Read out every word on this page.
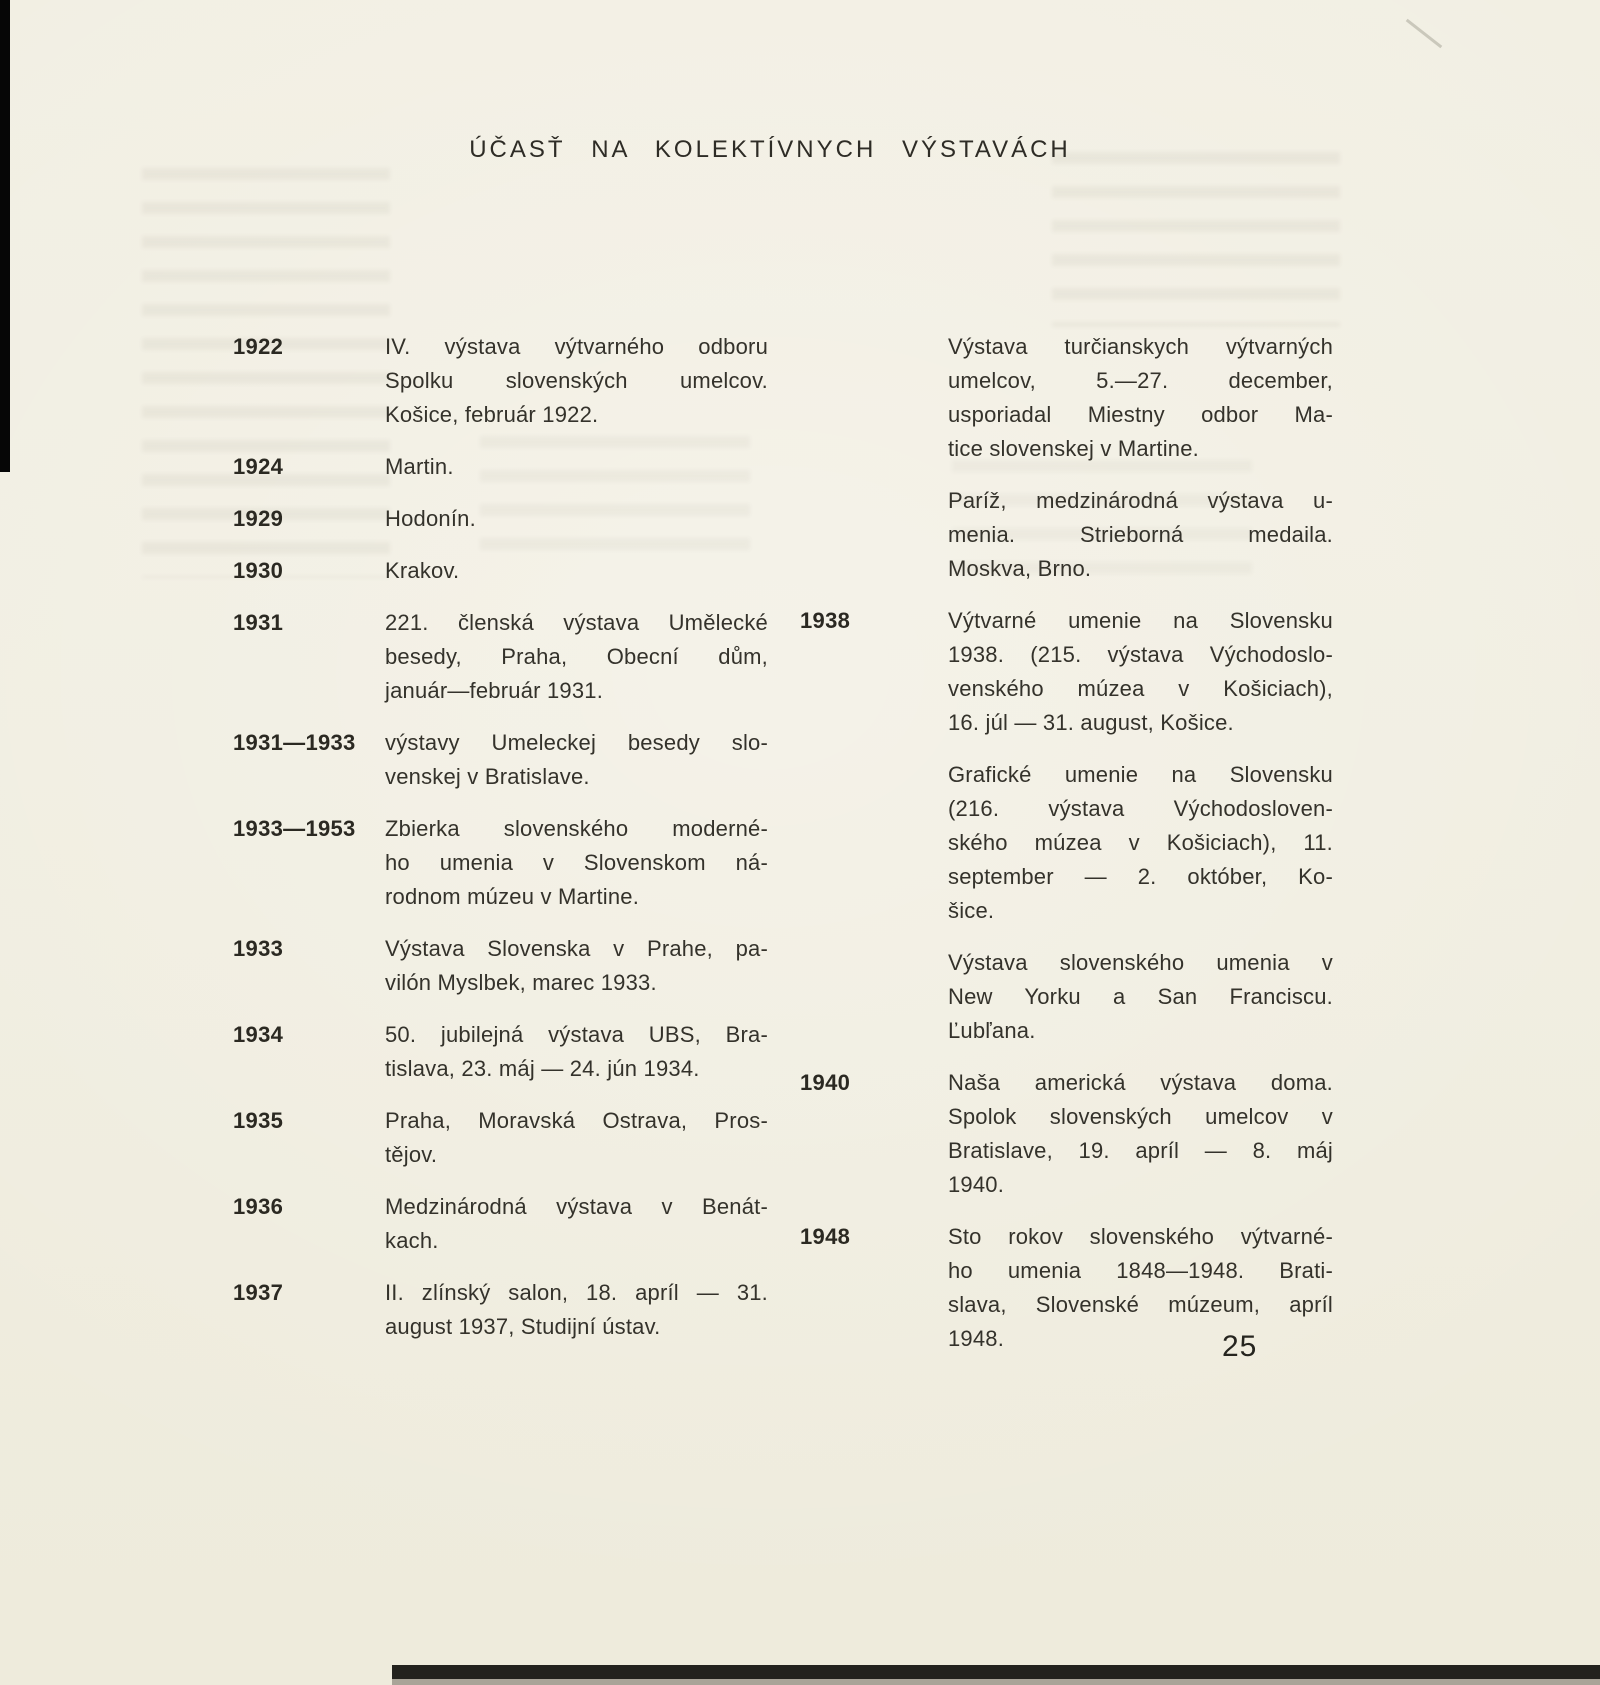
ÚČASŤ NA KOLEKTÍVNYCH VÝSTAVÁCH
1922	IV. výstava výtvarného odboru
Spolku slovenských umelcov.
Košice, február 1922.
1924	Martin.
1929	Hodonín.
1930	Krakov.
1931	221. členská výstava Umělecké
besedy, Praha, Obecní dům,
január—február 1931.
1931—1933	výstavy Umeleckej besedy slo-
venskej v Bratislave.
1933—1953	Zbierka slovenského moderné-
ho umenia v Slovenskom ná-
rodnom múzeu v Martine.
1933	Výstava Slovenska v Prahe, pa-
vilón Myslbek, marec 1933.
1934	50. jubilejná výstava UBS, Bra-
tislava, 23. máj — 24. jún 1934.
1935	Praha, Moravská Ostrava, Pros-
tějov.
1936	Medzinárodná výstava v Benát-
kach.
1937	II. zlínský salon, 18. apríl — 31.
august 1937, Studijní ústav.
Výstava turčianskych výtvarných
umelcov, 5.—27. december,
usporiadal Miestny odbor Ma-
tice slovenskej v Martine.
Paríž, medzinárodná výstava u-
menia. Strieborná medaila.
Moskva, Brno.
1938	Výtvarné umenie na Slovensku
1938. (215. výstava Východoslo-
venského múzea v Košiciach),
16. júl — 31. august, Košice.
Grafické umenie na Slovensku
(216. výstava Východosloven-
ského múzea v Košiciach), 11.
september — 2. október, Ko-
šice.
Výstava slovenského umenia v
New Yorku a San Franciscu.
Ľubľana.
1940	Naša americká výstava doma.
Spolok slovenských umelcov v
Bratislave, 19. apríl — 8. máj
1940.
1948	Sto rokov slovenského výtvarné-
ho umenia 1848—1948. Brati-
slava, Slovenské múzeum, apríl
1948.	25
